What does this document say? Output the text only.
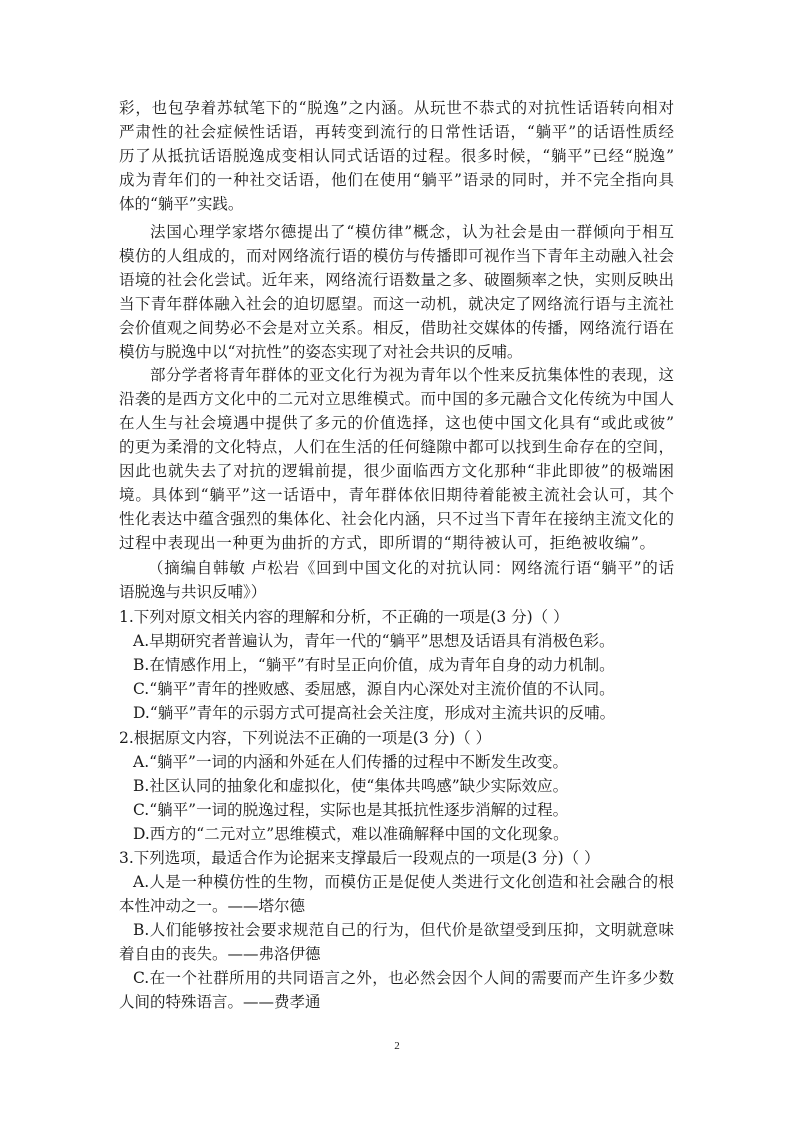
彩，也包孕着苏轼笔下的“脱逸”之内涵。从玩世不恭式的对抗性话语转向相对
严肃性的社会症候性话语，再转变到流行的日常性话语，“躺平”的话语性质经
历了从抵抗话语脱逸成变相认同式话语的过程。很多时候，“躺平”已经“脱逸”
成为青年们的一种社交话语，他们在使用“躺平”语录的同时，并不完全指向具
体的“躺平”实践。
法国心理学家塔尔德提出了“模仿律”概念，认为社会是由一群倾向于相互
模仿的人组成的，而对网络流行语的模仿与传播即可视作当下青年主动融入社会
语境的社会化尝试。近年来，网络流行语数量之多、破圈频率之快，实则反映出
当下青年群体融入社会的迫切愿望。而这一动机，就决定了网络流行语与主流社
会价值观之间势必不会是对立关系。相反，借助社交媒体的传播，网络流行语在
模仿与脱逸中以“对抗性”的姿态实现了对社会共识的反哺。
部分学者将青年群体的亚文化行为视为青年以个性来反抗集体性的表现，这
沿袭的是西方文化中的二元对立思维模式。而中国的多元融合文化传统为中国人
在人生与社会境遇中提供了多元的价值选择，这也使中国文化具有“或此或彼”
的更为柔滑的文化特点，人们在生活的任何缝隙中都可以找到生命存在的空间，
因此也就失去了对抗的逻辑前提，很少面临西方文化那种“非此即彼”的极端困
境。具体到“躺平”这一话语中，青年群体依旧期待着能被主流社会认可，其个
性化表达中蕴含强烈的集体化、社会化内涵，只不过当下青年在接纳主流文化的
过程中表现出一种更为曲折的方式，即所谓的“期待被认可，拒绝被收编”。
（摘编自韩敏 卢松岩《回到中国文化的对抗认同：网络流行语“躺平”的话
语脱逸与共识反哺》）
1.下列对原文相关内容的理解和分析，不正确的一项是(3 分)（ ）
A.早期研究者普遍认为，青年一代的“躺平”思想及话语具有消极色彩。
B.在情感作用上，“躺平”有时呈正向价值，成为青年自身的动力机制。
C.“躺平”青年的挫败感、委屈感，源自内心深处对主流价值的不认同。
D.“躺平”青年的示弱方式可提高社会关注度，形成对主流共识的反哺。
2.根据原文内容，下列说法不正确的一项是(3 分)（ ）
A.“躺平”一词的内涵和外延在人们传播的过程中不断发生改变。
B.社区认同的抽象化和虚拟化，使“集体共鸣感”缺少实际效应。
C.“躺平”一词的脱逸过程，实际也是其抵抗性逐步消解的过程。
D.西方的“二元对立”思维模式，难以准确解释中国的文化现象。
3.下列选项，最适合作为论据来支撑最后一段观点的一项是(3 分)（ ）
A.人是一种模仿性的生物，而模仿正是促使人类进行文化创造和社会融合的根
本性冲动之一。——塔尔德
B.人们能够按社会要求规范自己的行为，但代价是欲望受到压抑，文明就意味
着自由的丧失。——弗洛伊德
C.在一个社群所用的共同语言之外，也必然会因个人间的需要而产生许多少数
人间的特殊语言。——费孝通
2
